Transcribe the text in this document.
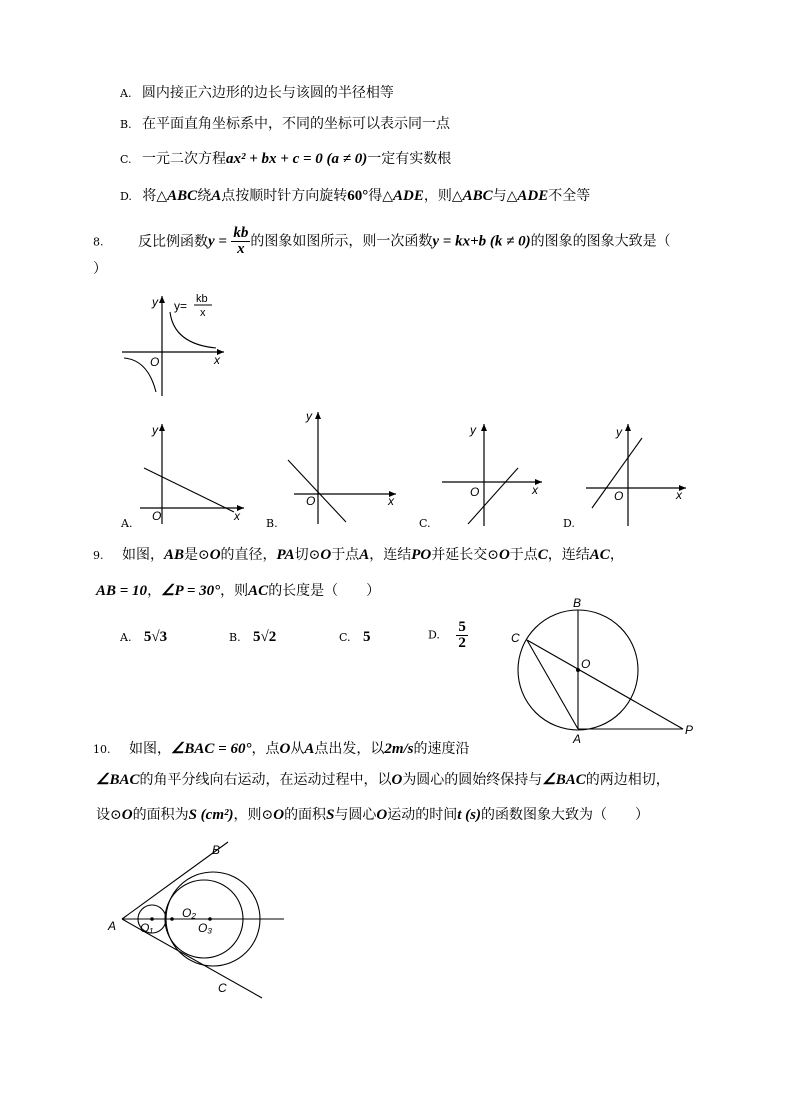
A. 圆内接正六边形的边长与该圆的半径相等
B. 在平面直角坐标系中，不同的坐标可以表示同一点
C. 一元二次方程ax² + bx + c = 0 (a ≠ 0)一定有实数根
D. 将△ABC绕A点按顺时针方向旋转60°得△ADE，则△ABC与△ADE不全等
8. 反比例函数$y = \frac{kb}{x}$ 的图象如图所示，则一次函数y = kx+b (k ≠ 0)的图象的图象大致是（
）
y
x
O
y= kb
x
y
x
O
A.
y
x
O
B.
y
x
O
C.
y
x
O
D.
9. 如图，AB是⊙O的直径，PA切⊙O于点A，连结PO并延长交⊙O于点C，连结AC，
AB = 10，∠P = 30°，则AC的长度是（　　）
A. 5√3	B. 5√2	C. 5	D. $\frac{5}{2}$
B
C
O
A
P
10. 如图，∠BAC = 60°，点O从A点出发，以2m/s的速度沿
∠BAC的角平分线向右运动，在运动过程中，以O为圆心的圆始终保持与∠BAC的两边相切，
设⊙O的面积为S (cm²)，则⊙O的面积S与圆心O运动的时间t (s)的函数图象大致为（　　）
B
A
C
O₁
O₂
O₃
